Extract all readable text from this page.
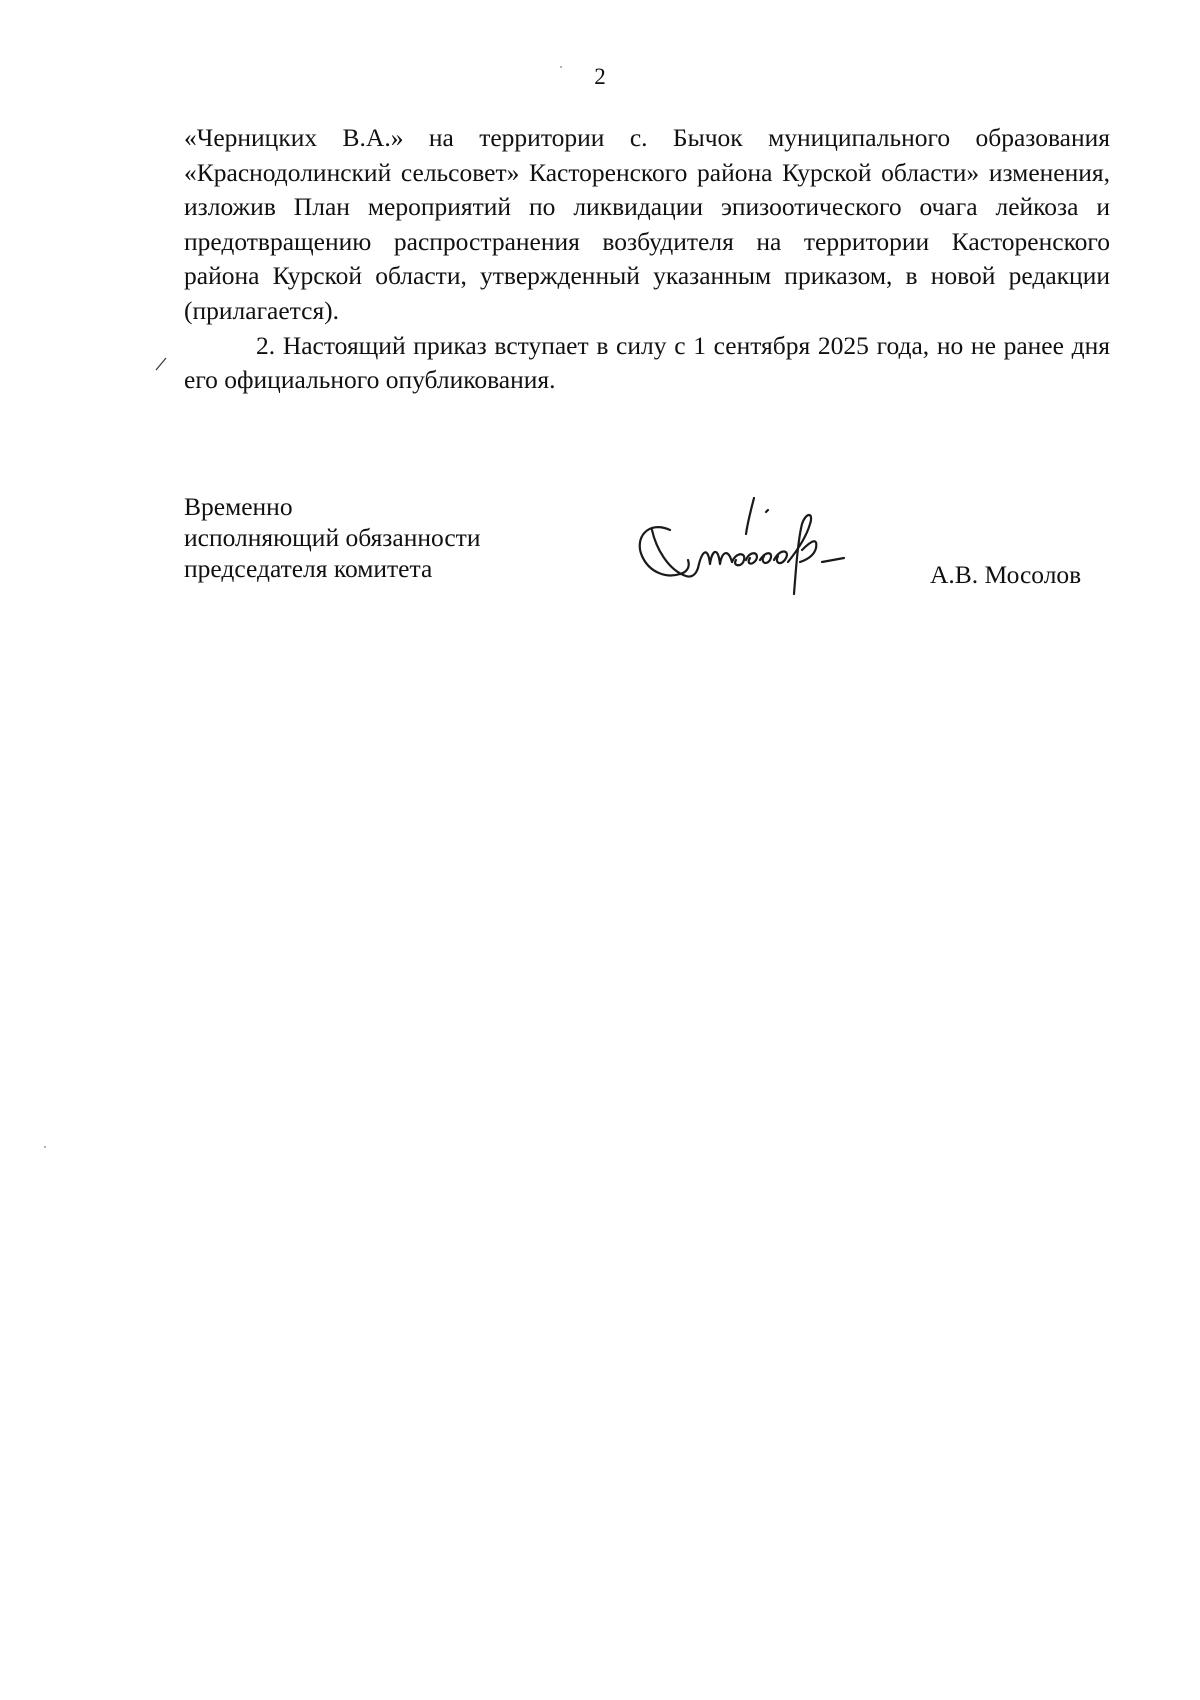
2

«Черницких В.А.» на территории с. Бычок муниципального образования «Краснодолинский сельсовет» Касторенского района Курской области» изменения, изложив План мероприятий по ликвидации эпизоотического очага лейкоза и предотвращению распространения возбудителя на территории Касторенского района Курской области, утвержденный указанным приказом, в новой редакции (прилагается).

2. Настоящий приказ вступает в силу с 1 сентября 2025 года, но не ранее дня его официального опубликования.

Временно
исполняющий обязанности
председателя комитета	А.В. Мосолов
